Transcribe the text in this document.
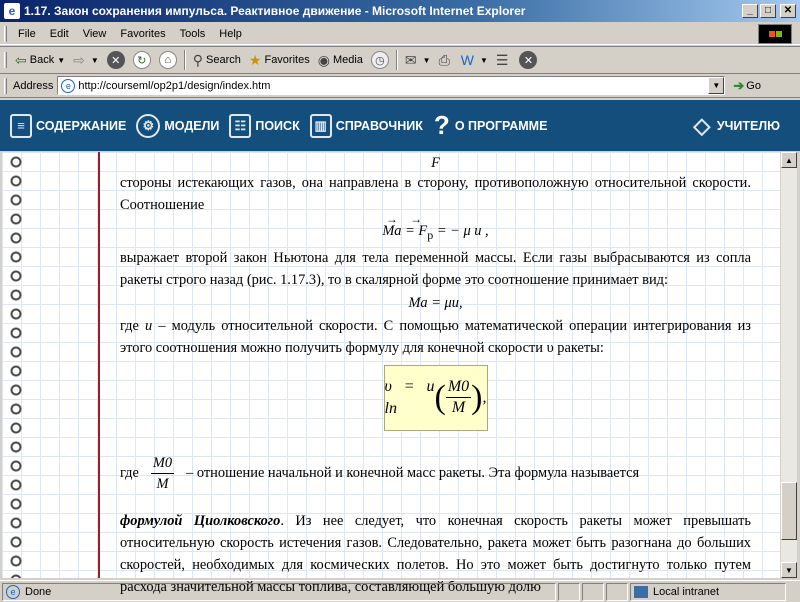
e 1.17. Закон сохранения импульса. Реактивное движение - Microsoft Internet Explorer	_	□	✕
File	Edit	View	Favorites	Tools	Help
⇦ Back ▼ ⇨ ▼	✕	↻	⌂	⚲ Search ★ Favorites ◉ Media	◷	✉ ▼ ⎙ W ▼ ☰	✕
Address	e http://courseml/op2p1/design/index.htm	▼	➔ Go
≡ СОДЕРЖАНИЕ	⚙ МОДЕЛИ	☷ ПОИСК	▥ СПРАВОЧНИК ? О ПРОГРАММЕ	◇ УЧИТЕЛЮ
F

стороны истекающих газов, она направлена в сторону, противоположную относительной скорости. Соотношение

→ Ma → = $F_p$ = − μ u ,

выражает второй закон Ньютона для тела переменной массы. Если газы выбрасываются из сопла ракеты строго назад (рис. 1.17.3), то в скалярной форме это соотношение принимает вид:

Ma = μu,

где u – модуль относительной скорости. С помощью математической операции интегрирования из этого соотношения можно получить формулу для конечной скорости υ ракеты:

υ = u ln	( $\frac{M0}{M}$ ) ,
где $\frac{M0}{M}$ – отношение начальной и конечной масс ракеты. Эта формула называется

формулой Циолковского. Из нее следует, что конечная скорость ракеты может превышать относительную скорость истечения газов. Следовательно, ракета может быть разогнана до больших скоростей, необходимых для космических полетов. Но это может быть достигнуто только путем расхода значительной массы топлива, составляющей большую долю

▲
▼
e Done	Local intranet
